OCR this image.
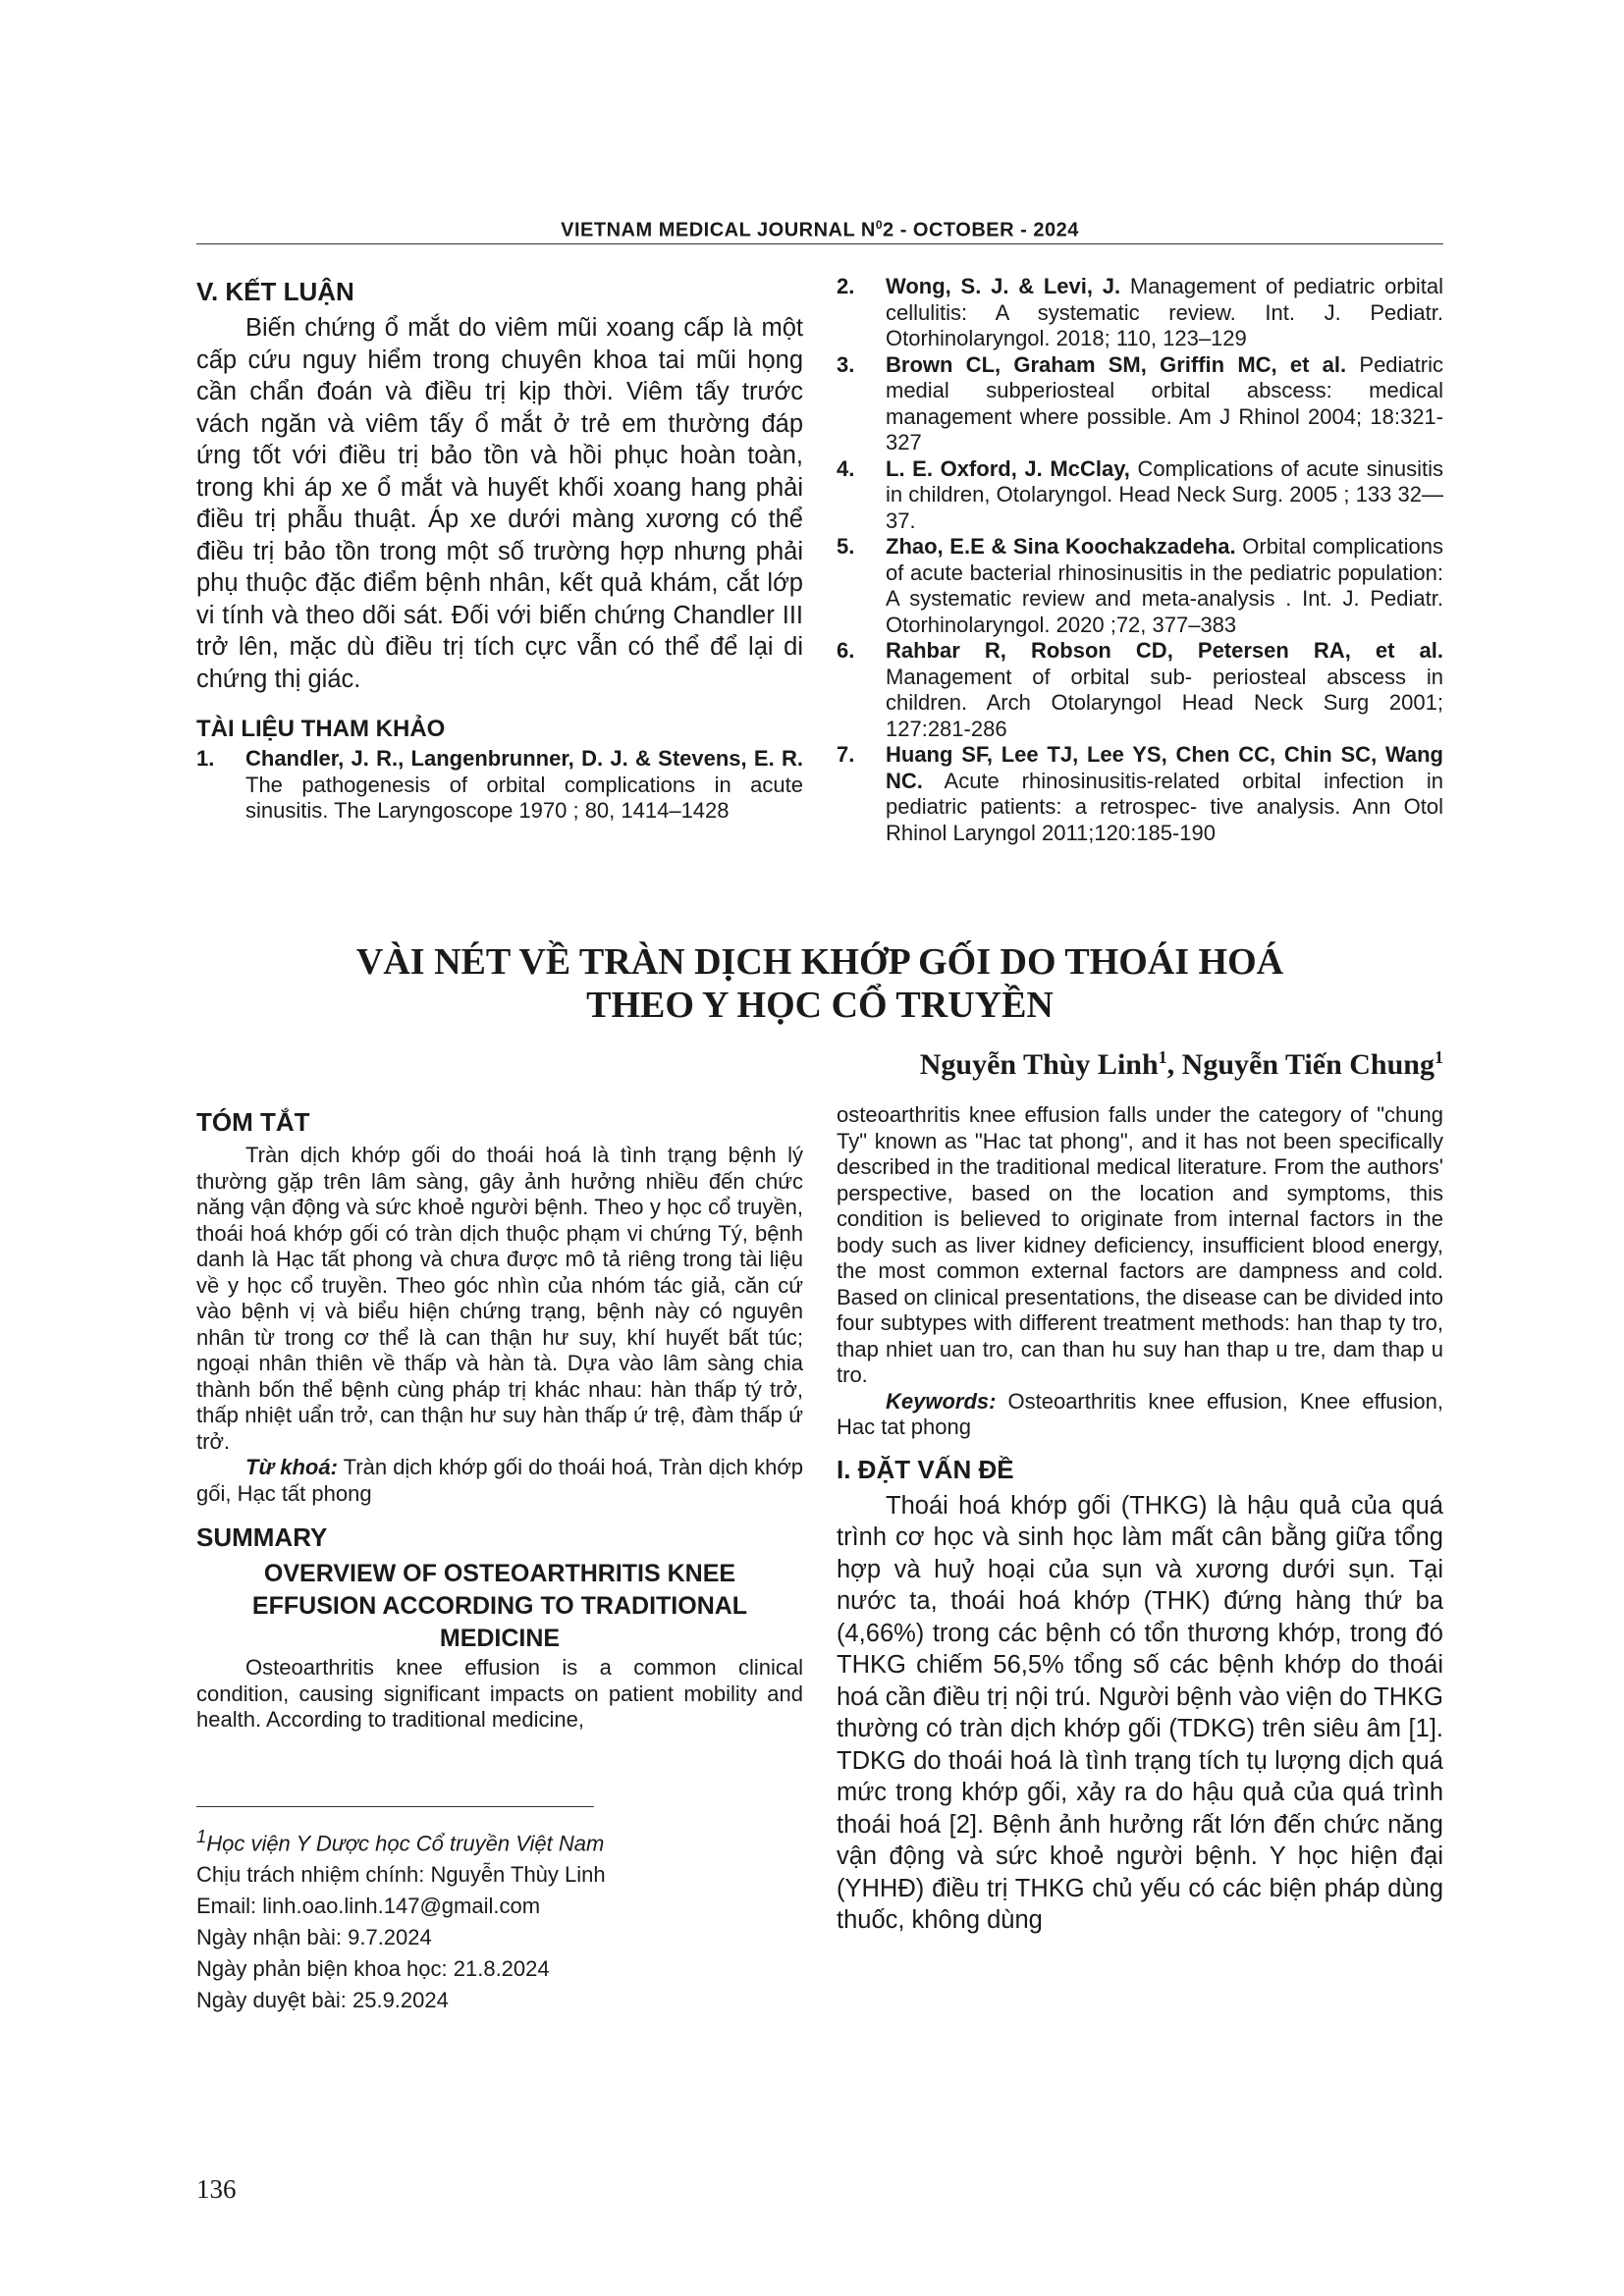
VIETNAM MEDICAL JOURNAL $N^02$ - OCTOBER - 2024
V. KẾT LUẬN

Biến chứng ổ mắt do viêm mũi xoang cấp là một cấp cứu nguy hiểm trong chuyên khoa tai mũi họng cần chẩn đoán và điều trị kịp thời. Viêm tấy trước vách ngăn và viêm tấy ổ mắt ở trẻ em thường đáp ứng tốt với điều trị bảo tồn và hồi phục hoàn toàn, trong khi áp xe ổ mắt và huyết khối xoang hang phải điều trị phẫu thuật. Áp xe dưới màng xương có thể điều trị bảo tồn trong một số trường hợp nhưng phải phụ thuộc đặc điểm bệnh nhân, kết quả khám, cắt lớp vi tính và theo dõi sát. Đối với biến chứng Chandler III trở lên, mặc dù điều trị tích cực vẫn có thể để lại di chứng thị giác.

TÀI LIỆU THAM KHẢO
1.	Chandler, J. R., Langenbrunner, D. J. & Stevens, E. R. The pathogenesis of orbital complications in acute sinusitis. The Laryngoscope 1970 ; 80, 1414–1428
2.	Wong, S. J. & Levi, J. Management of pediatric orbital cellulitis: A systematic review. Int. J. Pediatr. Otorhinolaryngol. 2018; 110, 123–129
3.	Brown CL, Graham SM, Griffin MC, et al. Pediatric medial subperiosteal orbital abscess: medical management where possible. Am J Rhinol 2004; 18:321-327
4.	L. E. Oxford, J. McClay, Complications of acute sinusitis in children, Otolaryngol. Head Neck Surg. 2005 ; 133 32— 37.
5.	Zhao, E.E & Sina Koochakzadeha. Orbital complications of acute bacterial rhinosinusitis in the pediatric population: A systematic review and meta-analysis . Int. J. Pediatr. Otorhinolaryngol. 2020 ;72, 377–383
6.	Rahbar R, Robson CD, Petersen RA, et al. Management of orbital sub- periosteal abscess in children. Arch Otolaryngol Head Neck Surg 2001; 127:281-286
7.	Huang SF, Lee TJ, Lee YS, Chen CC, Chin SC, Wang NC. Acute rhinosinusitis-related orbital infection in pediatric patients: a retrospec- tive analysis. Ann Otol Rhinol Laryngol 2011;120:185-190
VÀI NÉT VỀ TRÀN DỊCH KHỚP GỐI DO THOÁI HOÁ
THEO Y HỌC CỔ TRUYỀN
Nguyễn Thùy Linh$^1$, Nguyễn Tiến Chung$^1$
TÓM TẮT

Tràn dịch khớp gối do thoái hoá là tình trạng bệnh lý thường gặp trên lâm sàng, gây ảnh hưởng nhiều đến chức năng vận động và sức khoẻ người bệnh. Theo y học cổ truyền, thoái hoá khớp gối có tràn dịch thuộc phạm vi chứng Tý, bệnh danh là Hạc tất phong và chưa được mô tả riêng trong tài liệu về y học cổ truyền. Theo góc nhìn của nhóm tác giả, căn cứ vào bệnh vị và biểu hiện chứng trạng, bệnh này có nguyên nhân từ trong cơ thể là can thận hư suy, khí huyết bất túc; ngoại nhân thiên về thấp và hàn tà. Dựa vào lâm sàng chia thành bốn thể bệnh cùng pháp trị khác nhau: hàn thấp tý trở, thấp nhiệt uẩn trở, can thận hư suy hàn thấp ứ trệ, đàm thấp ứ trở.

Từ khoá: Tràn dịch khớp gối do thoái hoá, Tràn dịch khớp gối, Hạc tất phong

SUMMARY
OVERVIEW OF OSTEOARTHRITIS KNEE EFFUSION ACCORDING TO TRADITIONAL MEDICINE

Osteoarthritis knee effusion is a common clinical condition, causing significant impacts on patient mobility and health. According to traditional medicine,

osteoarthritis knee effusion falls under the category of "chung Ty" known as "Hac tat phong", and it has not been specifically described in the traditional medical literature. From the authors' perspective, based on the location and symptoms, this condition is believed to originate from internal factors in the body such as liver kidney deficiency, insufficient blood energy, the most common external factors are dampness and cold. Based on clinical presentations, the disease can be divided into four subtypes with different treatment methods: han thap ty tro, thap nhiet uan tro, can than hu suy han thap u tre, dam thap u tro.

Keywords: Osteoarthritis knee effusion, Knee effusion, Hac tat phong

I. ĐẶT VẤN ĐỀ

Thoái hoá khớp gối (THKG) là hậu quả của quá trình cơ học và sinh học làm mất cân bằng giữa tổng hợp và huỷ hoại của sụn và xương dưới sụn. Tại nước ta, thoái hoá khớp (THK) đứng hàng thứ ba (4,66%) trong các bệnh có tổn thương khớp, trong đó THKG chiếm 56,5% tổng số các bệnh khớp do thoái hoá cần điều trị nội trú. Người bệnh vào viện do THKG thường có tràn dịch khớp gối (TDKG) trên siêu âm [1]. TDKG do thoái hoá là tình trạng tích tụ lượng dịch quá mức trong khớp gối, xảy ra do hậu quả của quá trình thoái hoá [2]. Bệnh ảnh hưởng rất lớn đến chức năng vận động và sức khoẻ người bệnh. Y học hiện đại (YHHĐ) điều trị THKG chủ yếu có các biện pháp dùng thuốc, không dùng

$^1$Học viện Y Dược học Cổ truyền Việt Nam

Chịu trách nhiệm chính: Nguyễn Thùy Linh

Email: linh.oao.linh.147@gmail.com

Ngày nhận bài: 9.7.2024

Ngày phản biện khoa học: 21.8.2024

Ngày duyệt bài: 25.9.2024

136
